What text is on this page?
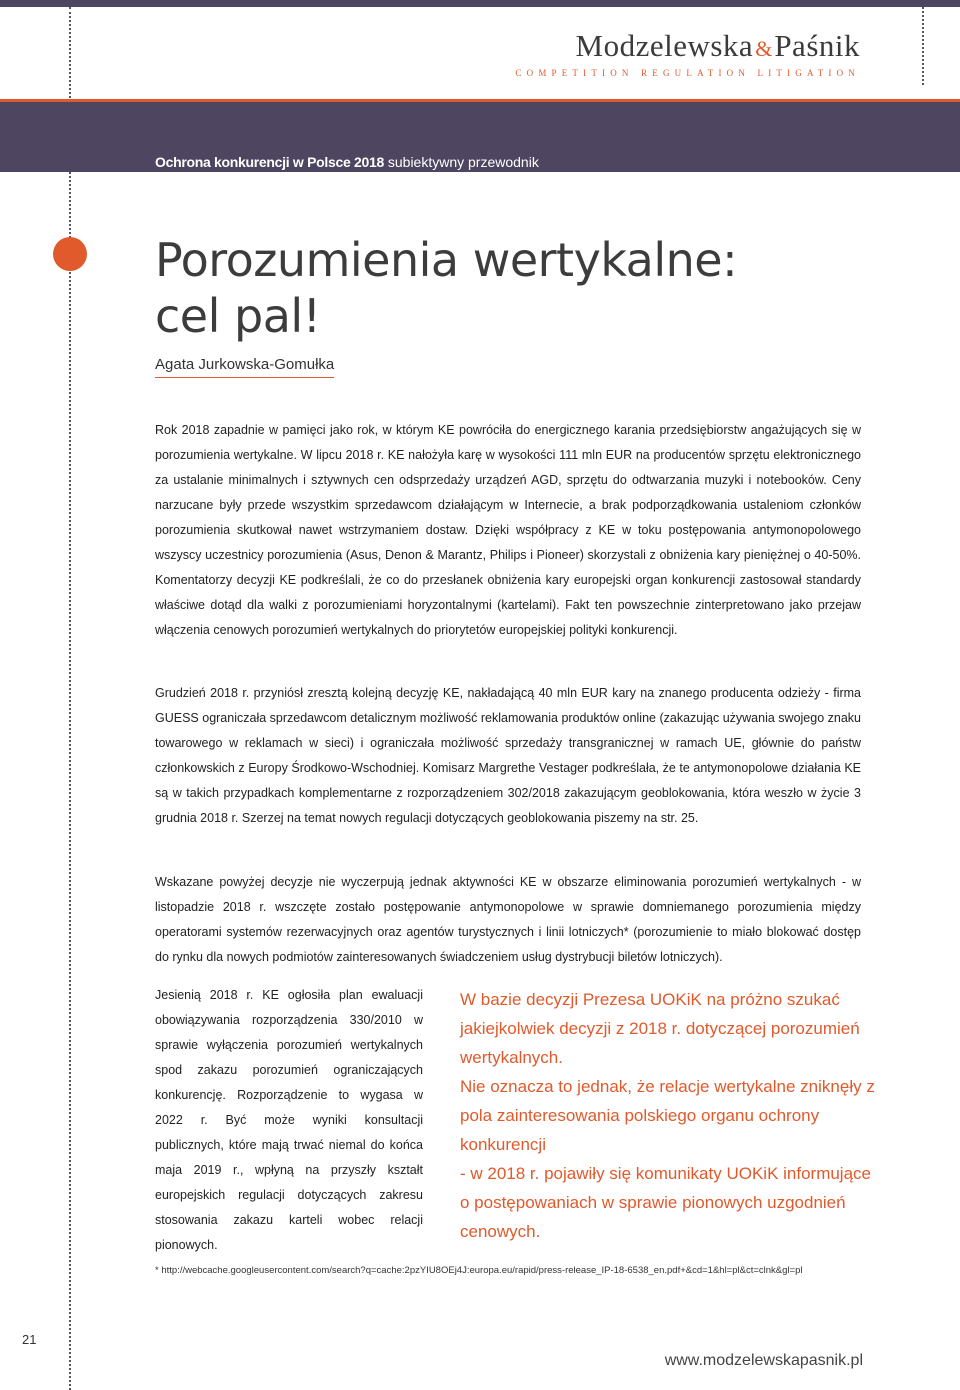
Modzelewska&Paśnik
COMPETITION REGULATION LITIGATION
Ochrona konkurencji w Polsce 2018 subiektywny przewodnik
Porozumienia wertykalne:
cel pal!
Agata Jurkowska-Gomułka

Rok 2018 zapadnie w pamięci jako rok, w którym KE powróciła do energicznego karania przedsiębiorstw angażujących się w porozumienia wertykalne. W lipcu 2018 r. KE nałożyła karę w wysokości 111 mln EUR na producentów sprzętu elektronicznego za ustalanie minimalnych i sztywnych cen odsprzedaży urządzeń AGD, sprzętu do odtwarzania muzyki i notebooków. Ceny narzucane były przede wszystkim sprzedawcom działającym w Internecie, a brak podporządkowania ustaleniom członków porozumienia skutkował nawet wstrzymaniem dostaw. Dzięki współpracy z KE w toku postępowania antymonopolowego wszyscy uczestnicy porozumienia (Asus, Denon & Marantz, Philips i Pioneer) skorzystali z obniżenia kary pieniężnej o 40-50%. Komentatorzy decyzji KE podkreślali, że co do przesłanek obniżenia kary europejski organ konkurencji zastosował standardy właściwe dotąd dla walki z porozumieniami horyzontalnymi (kartelami). Fakt ten powszechnie zinterpretowano jako przejaw włączenia cenowych porozumień wertykalnych do priorytetów europejskiej polityki konkurencji.

Grudzień 2018 r. przyniósł zresztą kolejną decyzję KE, nakładającą 40 mln EUR kary na znanego producenta odzieży - firma GUESS ograniczała sprzedawcom detalicznym możliwość reklamowania produktów online (zakazując używania swojego znaku towarowego w reklamach w sieci) i ograniczała możliwość sprzedaży transgranicznej w ramach UE, głównie do państw członkowskich z Europy Środkowo-Wschodniej. Komisarz Margrethe Vestager podkreślała, że te antymonopolowe działania KE są w takich przypadkach komplementarne z rozporządzeniem 302/2018 zakazującym geoblokowania, która weszło w życie 3 grudnia 2018 r. Szerzej na temat nowych regulacji dotyczących geoblokowania piszemy na str. 25.

Wskazane powyżej decyzje nie wyczerpują jednak aktywności KE w obszarze eliminowania porozumień wertykalnych - w listopadzie 2018 r. wszczęte zostało postępowanie antymonopolowe w sprawie domniemanego porozumienia między operatorami systemów rezerwacyjnych oraz agentów turystycznych i linii lotniczych* (porozumienie to miało blokować dostęp do rynku dla nowych podmiotów zainteresowanych świadczeniem usług dystrybucji biletów lotniczych).

Jesienią 2018 r. KE ogłosiła plan ewaluacji obowiązywania rozporządzenia 330/2010 w sprawie wyłączenia porozumień wertykalnych spod zakazu porozumień ograniczających konkurencję. Rozporządzenie to wygasa w 2022 r. Być może wyniki konsultacji publicznych, które mają trwać niemal do końca maja 2019 r., wpłyną na przyszły kształt europejskich regulacji dotyczących zakresu stosowania zakazu karteli wobec relacji pionowych.

W bazie decyzji Prezesa UOKiK na próżno szukać jakiejkolwiek decyzji z 2018 r. dotyczącej porozumień wertykalnych.

Nie oznacza to jednak, że relacje wertykalne zniknęły z pola zainteresowania polskiego organu ochrony konkurencji

- w 2018 r. pojawiły się komunikaty UOKiK informujące o postępowaniach w sprawie pionowych uzgodnień cenowych.

* http://webcache.googleusercontent.com/search?q=cache:2pzYIU8OEj4J:europa.eu/rapid/press-release_IP-18-6538_en.pdf+&cd=1&hl=pl&ct=clnk&gl=pl
21
www.modzelewskapasnik.pl
